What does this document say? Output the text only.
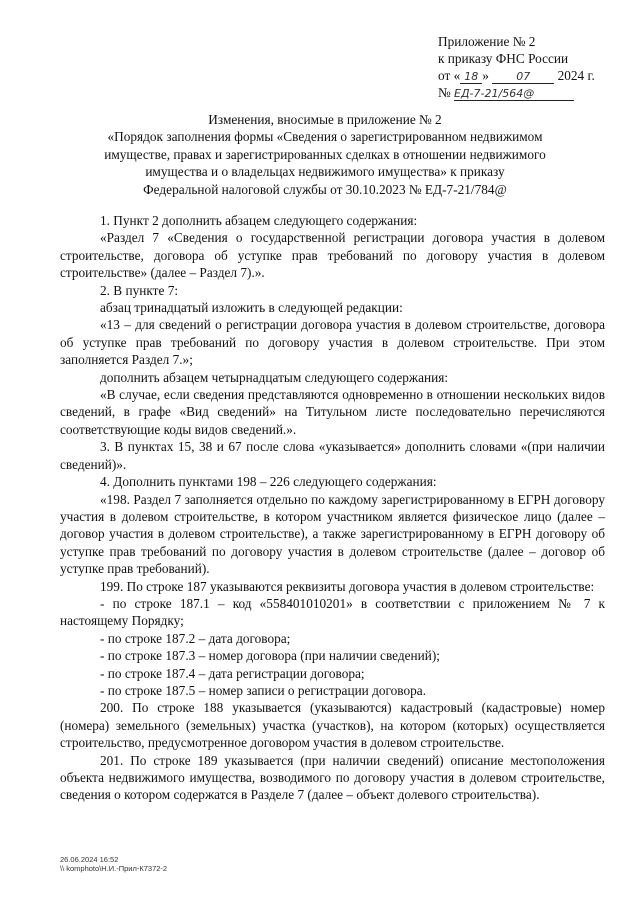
Приложение № 2
к приказу ФНС России
от « 18 » 07 2024 г.
№ ЕД-7-21/564@
Изменения, вносимые в приложение № 2
«Порядок заполнения формы «Сведения о зарегистрированном недвижимом
имуществе, правах и зарегистрированных сделках в отношении недвижимого
имущества и о владельцах недвижимого имущества» к приказу
Федеральной налоговой службы от 30.10.2023 № ЕД-7-21/784@

1. Пункт 2 дополнить абзацем следующего содержания:

«Раздел 7 «Сведения о государственной регистрации договора участия в долевом строительстве, договора об уступке прав требований по договору участия в долевом строительстве» (далее – Раздел 7).».

2. В пункте 7:

абзац тринадцатый изложить в следующей редакции:

«13 – для сведений о регистрации договора участия в долевом строительстве, договора об уступке прав требований по договору участия в долевом строительстве. При этом заполняется Раздел 7.»;

дополнить абзацем четырнадцатым следующего содержания:

«В случае, если сведения представляются одновременно в отношении нескольких видов сведений, в графе «Вид сведений» на Титульном листе последовательно перечисляются соответствующие коды видов сведений.».

3. В пунктах 15, 38 и 67 после слова «указывается» дополнить словами «(при наличии сведений)».

4. Дополнить пунктами 198 – 226 следующего содержания:

«198. Раздел 7 заполняется отдельно по каждому зарегистрированному в ЕГРН договору участия в долевом строительстве, в котором участником является физическое лицо (далее – договор участия в долевом строительстве), а также зарегистрированному в ЕГРН договору об уступке прав требований по договору участия в долевом строительстве (далее – договор об уступке прав требований).

199. По строке 187 указываются реквизиты договора участия в долевом строительстве:

- по строке 187.1 – код «558401010201» в соответствии с приложением № 7 к настоящему Порядку;

- по строке 187.2 – дата договора;

- по строке 187.3 – номер договора (при наличии сведений);

- по строке 187.4 – дата регистрации договора;

- по строке 187.5 – номер записи о регистрации договора.

200. По строке 188 указывается (указываются) кадастровый (кадастровые) номер (номера) земельного (земельных) участка (участков), на котором (которых) осуществляется строительство, предусмотренное договором участия в долевом строительстве.

201. По строке 189 указывается (при наличии сведений) описание местоположения объекта недвижимого имущества, возводимого по договору участия в долевом строительстве, сведения о котором содержатся в Разделе 7 (далее – объект долевого строительства).

26.06.2024 16:52
\\ komphoto\Н.И.-Прил-К7372-2
